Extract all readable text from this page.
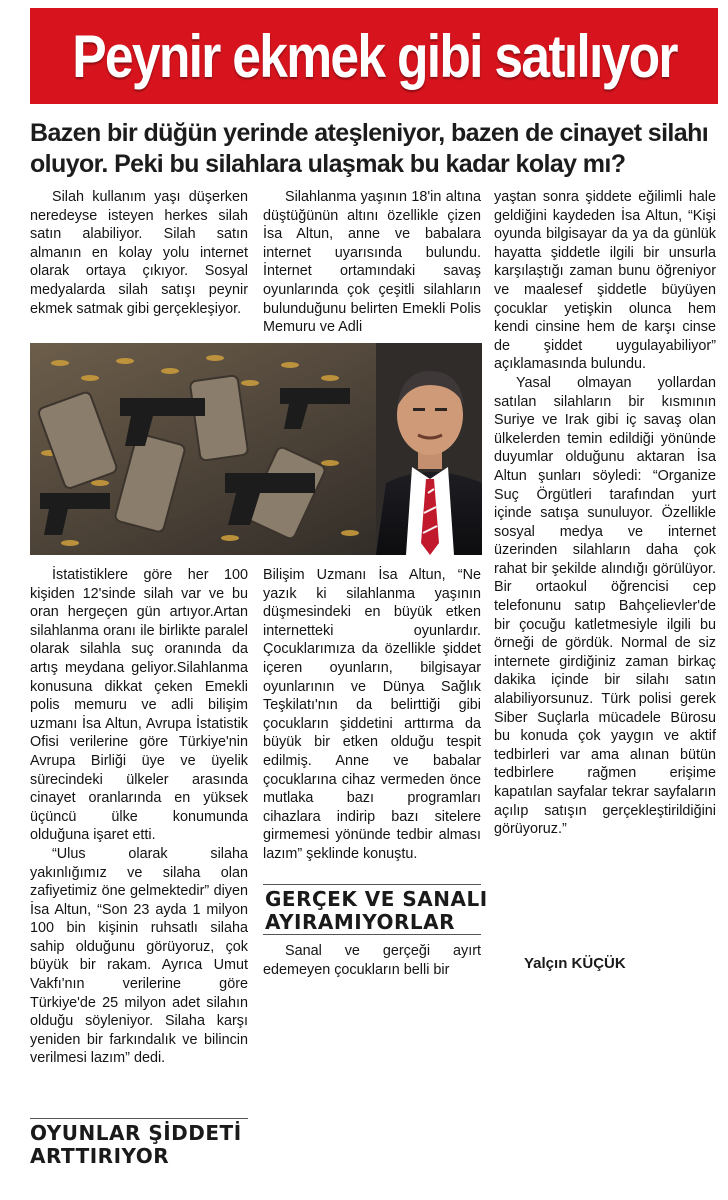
Peynir ekmek gibi satılıyor
Bazen bir düğün yerinde ateşleniyor, bazen de cinayet silahı oluyor. Peki bu silahlara ulaşmak bu kadar kolay mı?

Silah kullanım yaşı düşerken neredeyse isteyen herkes silah satın alabiliyor. Silah satın almanın en kolay yolu internet olarak ortaya çıkıyor. Sosyal medyalarda silah satışı peynir ekmek satmak gibi gerçekleşiyor.

Silahlanma yaşının 18'in altına düştüğünün altını özellikle çizen İsa Altun, anne ve babalara internet uyarısında bulundu. İnternet ortamındaki savaş oyunlarında çok çeşitli silahların bulunduğunu belirten Emekli Polis Memuru ve Adli

yaştan sonra şiddete eğilimli hale geldiğini kaydeden İsa Altun, “Kişi oyunda bilgisayar da ya da günlük hayatta şiddetle ilgili bir unsurla karşılaştığı zaman bunu öğreniyor ve maalesef şiddetle büyüyen çocuklar yetişkin olunca hem kendi cinsine hem de karşı cinse de şiddet uygulayabiliyor” açıklamasında bulundu.

Yasal olmayan yollardan satılan silahların bir kısmının Suriye ve Irak gibi iç savaş olan ülkelerden temin edildiği yönünde duyumlar olduğunu aktaran İsa Altun şunları söyledi: “Organize Suç Örgütleri tarafından yurt içinde satışa sunuluyor. Özellikle sosyal medya ve internet üzerinden silahların daha çok rahat bir şekilde alındığı görülüyor. Bir ortaokul öğrencisi cep telefonunu satıp Bahçelievler'de bir çocuğu katletmesiyle ilgili bu örneği de gördük. Normal de siz internete girdiğiniz zaman birkaç dakika içinde bir silahı satın alabiliyorsunuz. Türk polisi gerek Siber Suçlarla mücadele Bürosu bu konuda çok yaygın ve aktif tedbirleri var ama alınan bütün tedbirlere rağmen erişime kapatılan sayfalar tekrar sayfaların açılıp satışın gerçekleştirildiğini görüyoruz.”

İstatistiklere göre her 100 kişiden 12'sinde silah var ve bu oran hergeçen gün artıyor.Artan silahlanma oranı ile birlikte paralel olarak silahla suç oranında da artış meydana geliyor.Silahlanma konusuna dikkat çeken Emekli polis memuru ve adli bilişim uzmanı İsa Altun, Avrupa İstatistik Ofisi verilerine göre Türkiye'nin Avrupa Birliği üye ve üyelik sürecindeki ülkeler arasında cinayet oranlarında en yüksek üçüncü ülke konumunda olduğuna işaret etti.

“Ulus olarak silaha yakınlığımız ve silaha olan zafiyetimiz öne gelmektedir” diyen İsa Altun, “Son 23 ayda 1 milyon 100 bin kişinin ruhsatlı silaha sahip olduğunu görüyoruz, çok büyük bir rakam. Ayrıca Umut Vakfı'nın verilerine göre Türkiye'de 25 milyon adet silahın olduğu söyleniyor. Silaha karşı yeniden bir farkındalık ve bilincin verilmesi lazım” dedi.

Bilişim Uzmanı İsa Altun, “Ne yazık ki silahlanma yaşının düşmesindeki en büyük etken internetteki oyunlardır. Çocuklarımıza da özellikle şiddet içeren oyunların, bilgisayar oyunlarının ve Dünya Sağlık Teşkilatı'nın da belirttiği gibi çocukların şiddetini arttırma da büyük bir etken olduğu tespit edilmiş. Anne ve babalar çocuklarına cihaz vermeden önce mutlaka bazı programları cihazlara indirip bazı sitelere girmemesi yönünde tedbir alması lazım” şeklinde konuştu.

GERÇEK VE SANALI
AYIRAMIYORLAR

Sanal ve gerçeği ayırt edemeyen çocukların belli bir

OYUNLAR ŞİDDETİ
ARTTIRIYOR
Yalçın KÜÇÜK
